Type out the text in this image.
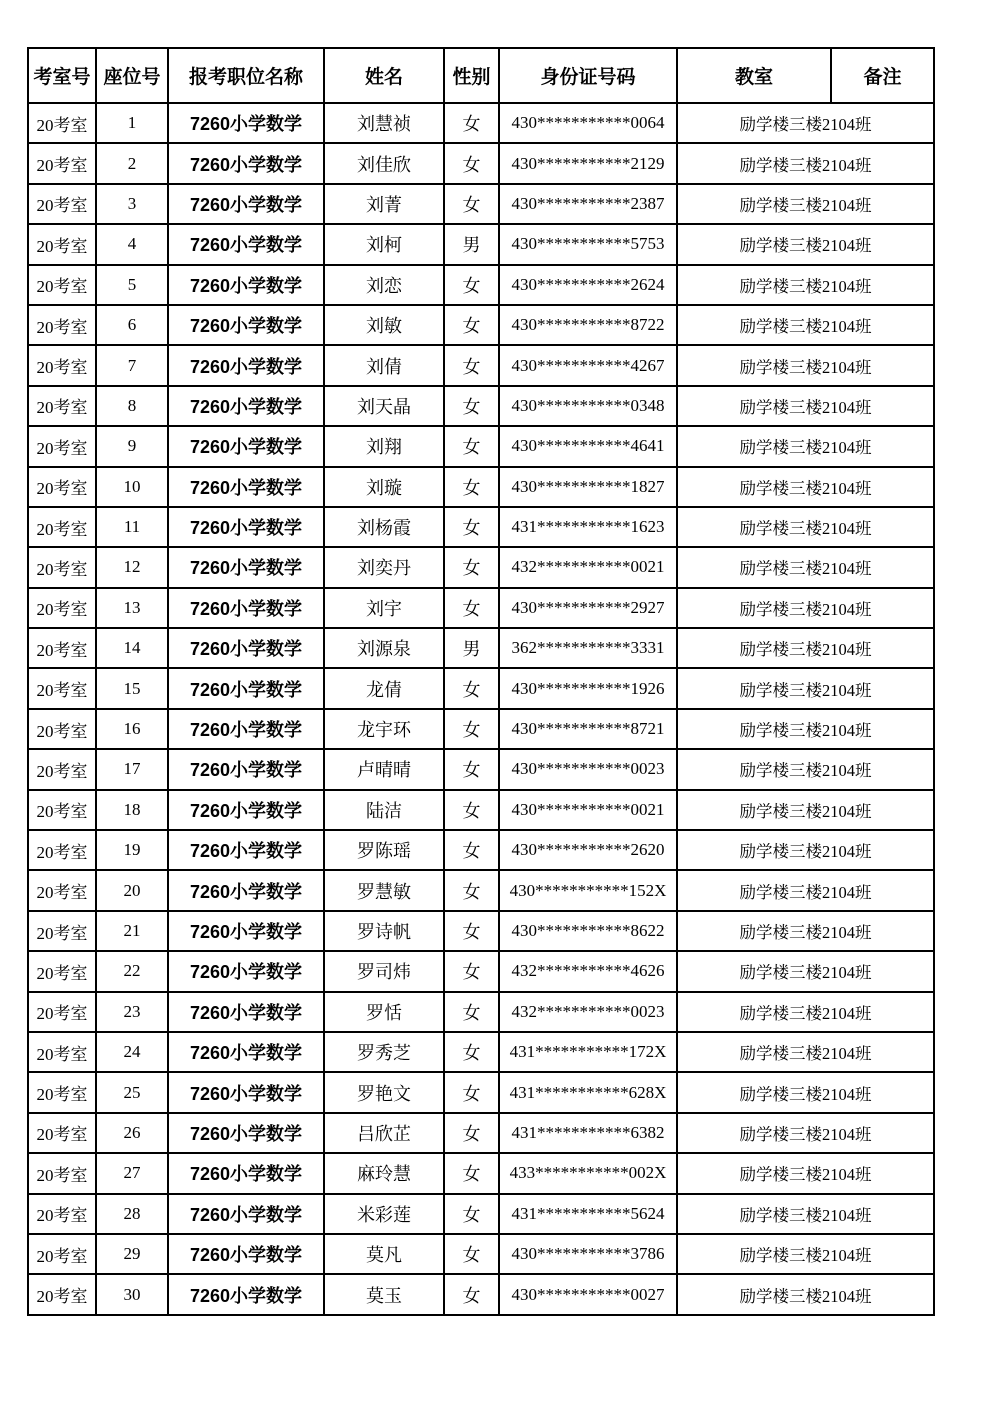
考室号	座位号	报考职位名称	姓名	性别	身份证号码	教室	备注
20考室	1	7260小学数学	刘慧祯	女	430***********0064	励学楼三楼2104班	
20考室	2	7260小学数学	刘佳欣	女	430***********2129	励学楼三楼2104班	
20考室	3	7260小学数学	刘菁	女	430***********2387	励学楼三楼2104班	
20考室	4	7260小学数学	刘柯	男	430***********5753	励学楼三楼2104班	
20考室	5	7260小学数学	刘恋	女	430***********2624	励学楼三楼2104班	
20考室	6	7260小学数学	刘敏	女	430***********8722	励学楼三楼2104班	
20考室	7	7260小学数学	刘倩	女	430***********4267	励学楼三楼2104班	
20考室	8	7260小学数学	刘天晶	女	430***********0348	励学楼三楼2104班	
20考室	9	7260小学数学	刘翔	女	430***********4641	励学楼三楼2104班	
20考室	10	7260小学数学	刘璇	女	430***********1827	励学楼三楼2104班	
20考室	11	7260小学数学	刘杨霞	女	431***********1623	励学楼三楼2104班	
20考室	12	7260小学数学	刘奕丹	女	432***********0021	励学楼三楼2104班	
20考室	13	7260小学数学	刘宇	女	430***********2927	励学楼三楼2104班	
20考室	14	7260小学数学	刘源泉	男	362***********3331	励学楼三楼2104班	
20考室	15	7260小学数学	龙倩	女	430***********1926	励学楼三楼2104班	
20考室	16	7260小学数学	龙宇环	女	430***********8721	励学楼三楼2104班	
20考室	17	7260小学数学	卢晴晴	女	430***********0023	励学楼三楼2104班	
20考室	18	7260小学数学	陆洁	女	430***********0021	励学楼三楼2104班	
20考室	19	7260小学数学	罗陈瑶	女	430***********2620	励学楼三楼2104班	
20考室	20	7260小学数学	罗慧敏	女	430***********152X	励学楼三楼2104班	
20考室	21	7260小学数学	罗诗帆	女	430***********8622	励学楼三楼2104班	
20考室	22	7260小学数学	罗司炜	女	432***********4626	励学楼三楼2104班	
20考室	23	7260小学数学	罗恬	女	432***********0023	励学楼三楼2104班	
20考室	24	7260小学数学	罗秀芝	女	431***********172X	励学楼三楼2104班	
20考室	25	7260小学数学	罗艳文	女	431***********628X	励学楼三楼2104班	
20考室	26	7260小学数学	吕欣芷	女	431***********6382	励学楼三楼2104班	
20考室	27	7260小学数学	麻玲慧	女	433***********002X	励学楼三楼2104班	
20考室	28	7260小学数学	米彩莲	女	431***********5624	励学楼三楼2104班	
20考室	29	7260小学数学	莫凡	女	430***********3786	励学楼三楼2104班	
20考室	30	7260小学数学	莫玉	女	430***********0027	励学楼三楼2104班	
